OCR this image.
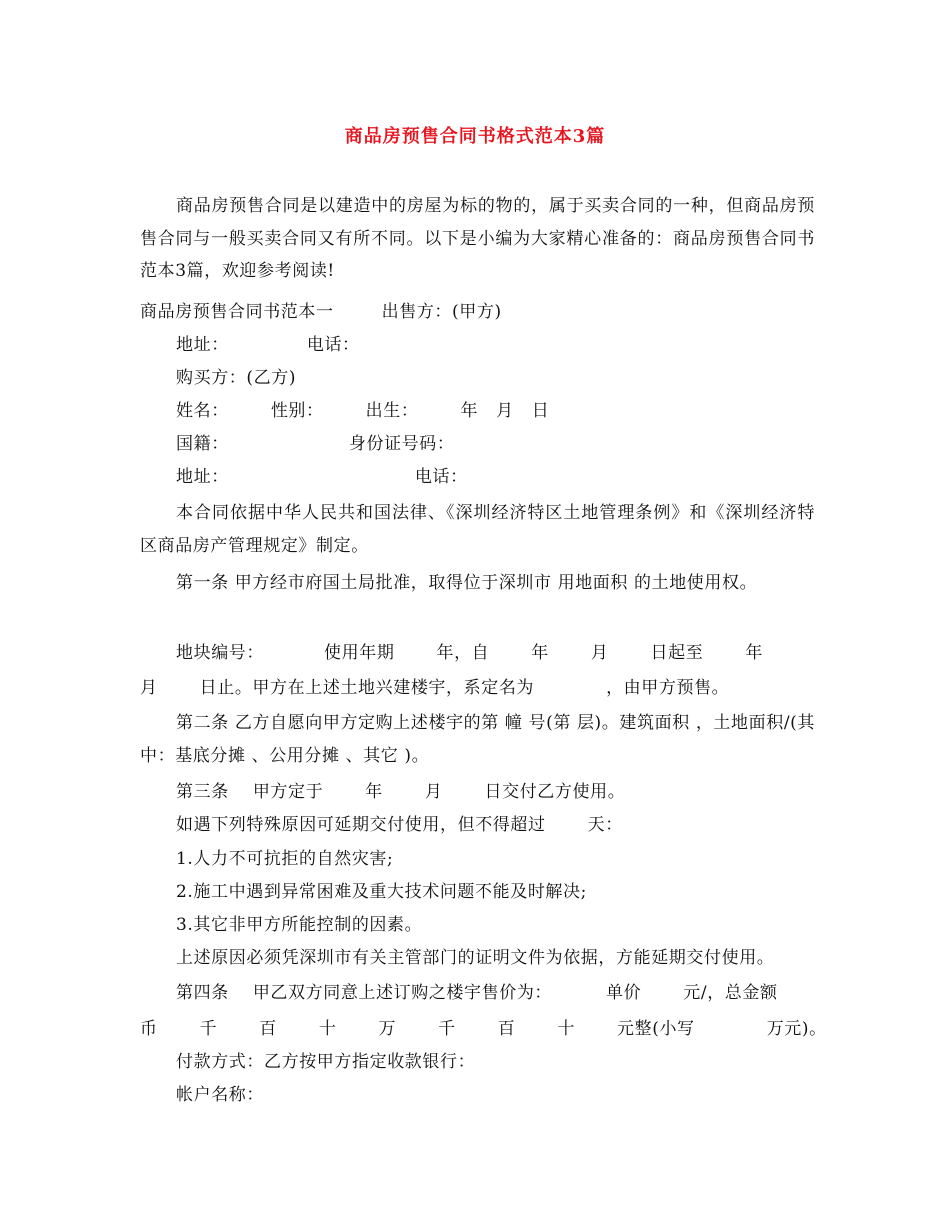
商品房预售合同书格式范本3篇
商品房预售合同是以建造中的房屋为标的物的，属于买卖合同的一种，但商品房预售合同与一般买卖合同又有所不同。以下是小编为大家精心准备的：商品房预售合同书范本3篇，欢迎参考阅读!
商品房预售合同书范本一        出售方：(甲方)
地址：             电话：
购买方：(乙方)
姓名：       性别：       出生：       年   月   日
国籍：                    身份证号码：
地址：                               电话：
本合同依据中华人民共和国法律、《深圳经济特区土地管理条例》和《深圳经济特区商品房产管理规定》制定。
第一条 甲方经市府国土局批准，取得位于深圳市 用地面积 的土地使用权。
地块编号：          使用年期       年，自       年       月       日起至       年
月       日止。甲方在上述土地兴建楼宇，系定名为            ，由甲方预售。
第二条 乙方自愿向甲方定购上述楼宇的第 幢 号(第 层)。建筑面积 ，土地面积/(其中：基底分摊 、公用分摊 、其它 )。
第三条    甲方定于       年       月       日交付乙方使用。
如遇下列特殊原因可延期交付使用，但不得超过       天：
1.人力不可抗拒的自然灾害;
2.施工中遇到异常困难及重大技术问题不能及时解决;
3.其它非甲方所能控制的因素。
上述原因必须凭深圳市有关主管部门的证明文件为依据，方能延期交付使用。
第四条    甲乙双方同意上述订购之楼宇售价为：         单价       元/，总金额
币       千       百       十       万       千       百       十       元整(小写            万元)。
付款方式：乙方按甲方指定收款银行：
帐户名称：
